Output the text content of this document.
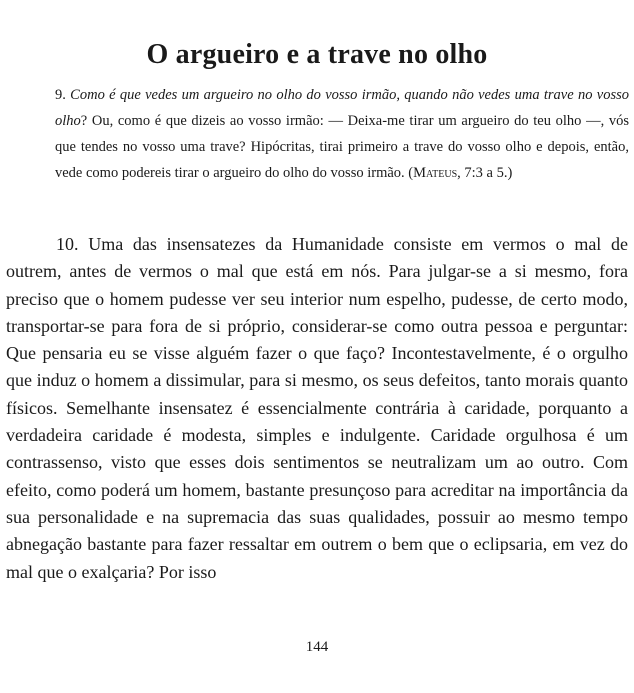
O argueiro e a trave no olho

9. Como é que vedes um argueiro no olho do vosso irmão, quando não vedes uma trave no vosso olho? Ou, como é que dizeis ao vosso irmão: — Deixa-me tirar um argueiro do teu olho —, vós que tendes no vosso uma trave? Hipócritas, tirai primeiro a trave do vosso olho e depois, então, vede como podereis tirar o argueiro do olho do vosso irmão. (Mateus, 7:3 a 5.)

10. Uma das insensatezes da Humanidade consiste em vermos o mal de outrem, antes de vermos o mal que está em nós. Para julgar-se a si mesmo, fora preciso que o homem pudesse ver seu interior num espelho, pudesse, de certo modo, transportar-se para fora de si próprio, considerar-se como outra pessoa e perguntar: Que pensaria eu se visse alguém fazer o que faço? Incontestavelmente, é o orgulho que induz o homem a dissimular, para si mesmo, os seus defeitos, tanto morais quanto físicos. Semelhante insensatez é essencialmente contrária à caridade, porquanto a verdadeira caridade é modesta, simples e indulgente. Caridade orgulhosa é um contrassenso, visto que esses dois sentimentos se neutralizam um ao outro. Com efeito, como poderá um homem, bastante presunçoso para acreditar na importância da sua personalidade e na supremacia das suas qualidades, possuir ao mesmo tempo abnegação bastante para fazer ressaltar em outrem o bem que o eclipsaria, em vez do mal que o exalçaria? Por isso

144
